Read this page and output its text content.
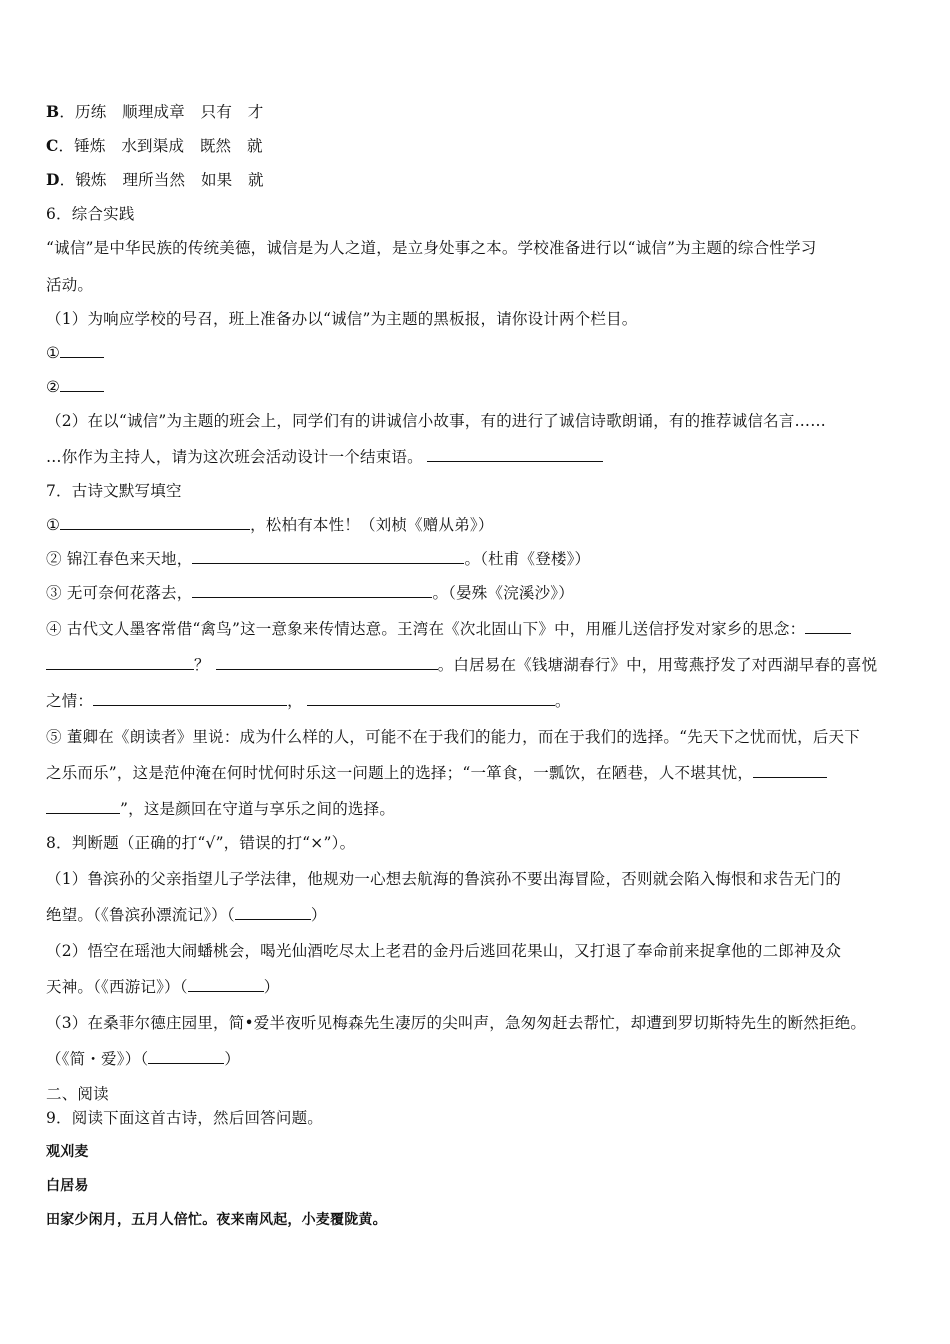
B．历练　顺理成章　只有　才
C．锤炼　水到渠成　既然　就
D．锻炼　理所当然　如果　就
6．综合实践
“诚信”是中华民族的传统美德，诚信是为人之道，是立身处事之本。学校准备进行以“诚信”为主题的综合性学习
活动。
（1）为响应学校的号召，班上准备办以“诚信”为主题的黑板报，请你设计两个栏目。
①
②
（2）在以“诚信”为主题的班会上，同学们有的讲诚信小故事，有的进行了诚信诗歌朗诵，有的推荐诚信名言……
…你作为主持人，请为这次班会活动设计一个结束语。
7．古诗文默写填空
①	，松柏有本性！（刘桢《赠从弟》）
② 锦江春色来天地，	。（杜甫《登楼》）
③ 无可奈何花落去，	。（晏殊《浣溪沙》）
④ 古代文人墨客常借“禽鸟”这一意象来传情达意。王湾在《次北固山下》中，用雁儿送信抒发对家乡的思念：
？	。白居易在《钱塘湖春行》中，用莺燕抒发了对西湖早春的喜悦
之情：	，	。
⑤ 董卿在《朗读者》里说：成为什么样的人，可能不在于我们的能力，而在于我们的选择。“先天下之忧而忧，后天下
之乐而乐”，这是范仲淹在何时忧何时乐这一问题上的选择；“一箪食，一瓢饮，在陋巷，人不堪其忧，
”，这是颜回在守道与享乐之间的选择。
8．判断题（正确的打“√”，错误的打“×”）。
（1）鲁滨孙的父亲指望儿子学法律，他规劝一心想去航海的鲁滨孙不要出海冒险，否则就会陷入悔恨和求告无门的
绝望。（《鲁滨孙漂流记》）（	）
（2）悟空在瑶池大闹蟠桃会，喝光仙酒吃尽太上老君的金丹后逃回花果山，又打退了奉命前来捉拿他的二郎神及众
天神。（《西游记》）（	）
（3）在桑菲尔德庄园里，简•爱半夜听见梅森先生凄厉的尖叫声，急匆匆赶去帮忙，却遭到罗切斯特先生的断然拒绝。
（《简・爱》）（	）
二、阅读
9．阅读下面这首古诗，然后回答问题。
观刈麦
白居易
田家少闲月，五月人倍忙。夜来南风起，小麦覆陇黄。
